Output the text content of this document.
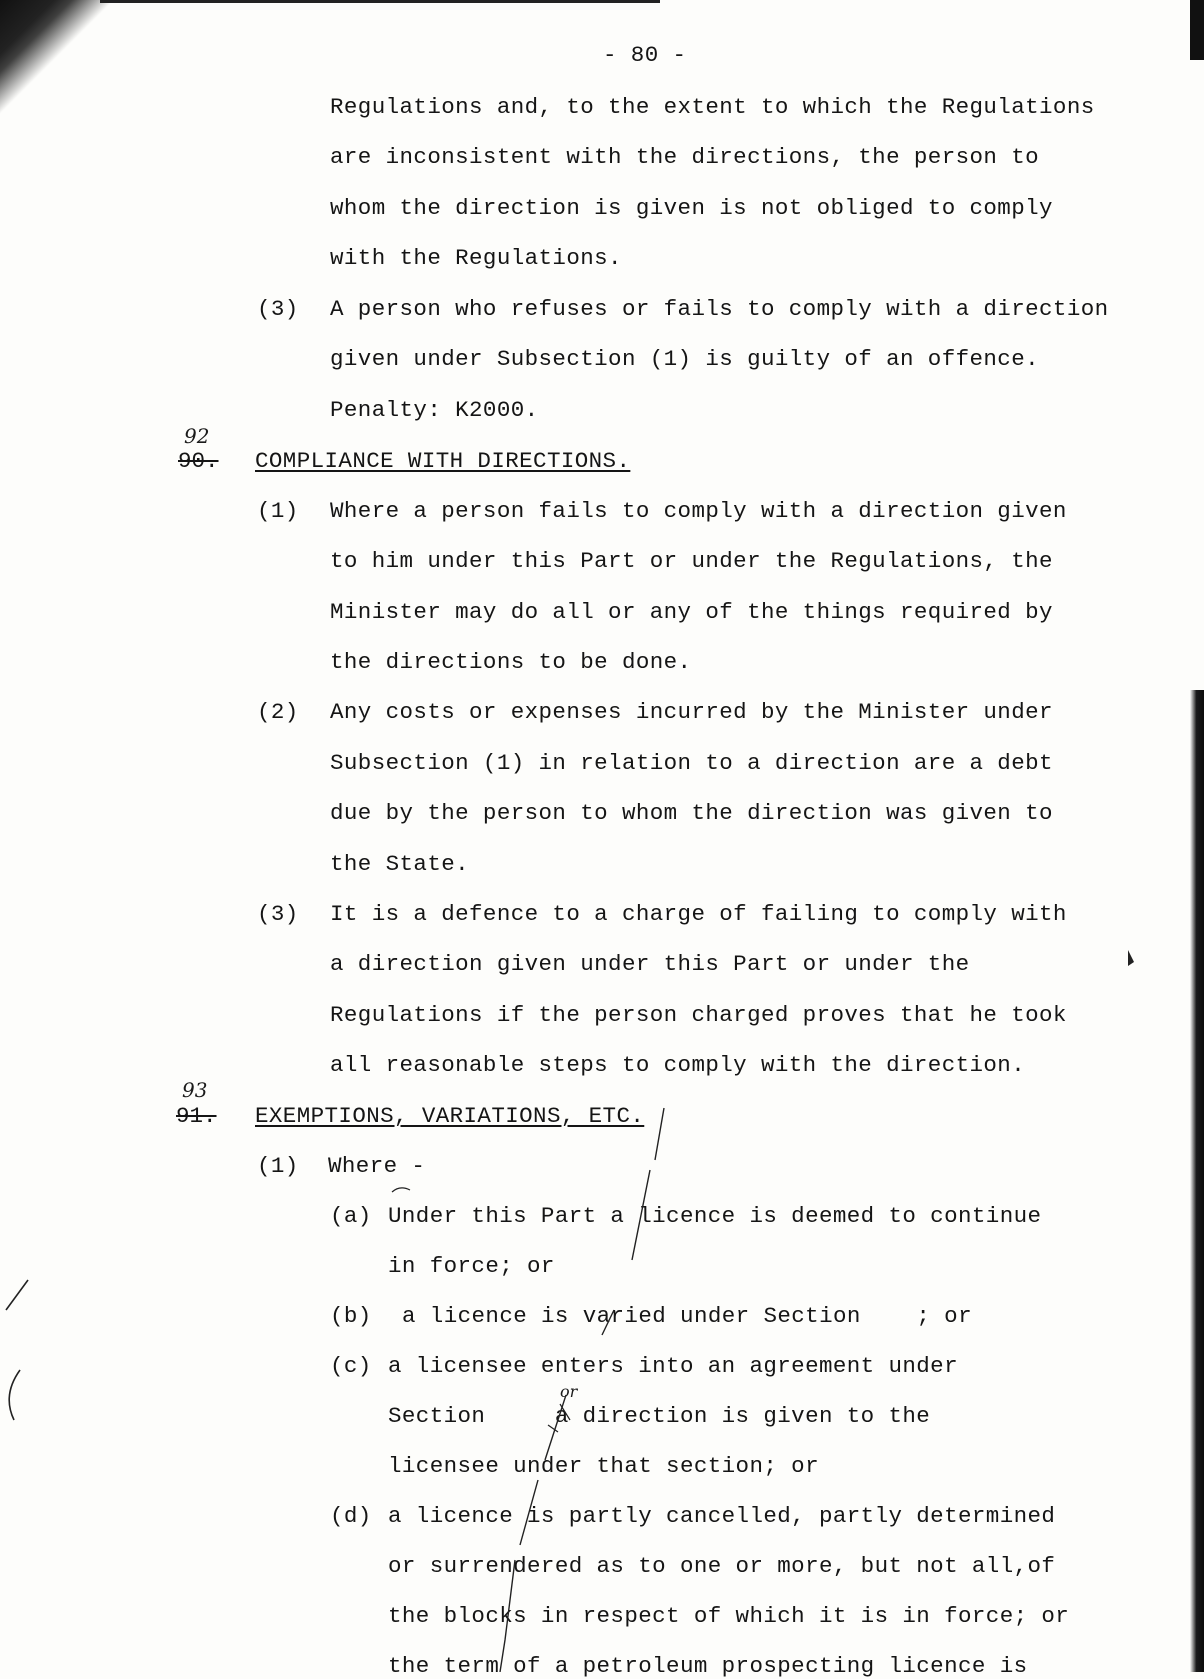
- 80 -
Regulations and, to the extent to which the Regulations
are inconsistent with the directions, the person to
whom the direction is given is not obliged to comply
with the Regulations.
(3) A person who refuses or fails to comply with a direction
given under Subsection (1) is guilty of an offence.
Penalty: K2000.
92
90. COMPLIANCE WITH DIRECTIONS.
(1) Where a person fails to comply with a direction given
to him under this Part or under the Regulations, the
Minister may do all or any of the things required by
the directions to be done.
(2) Any costs or expenses incurred by the Minister under
Subsection (1) in relation to a direction are a debt
due by the person to whom the direction was given to
the State.
(3) It is a defence to a charge of failing to comply with
a direction given under this Part or under the
Regulations if the person charged proves that he took
all reasonable steps to comply with the direction.
93
91. EXEMPTIONS, VARIATIONS, ETC.
(1) Where -
(a) Under this Part a licence is deemed to continue
in force; or
(b) a licence is varied under Section    ; or
(c) a licensee enters into an agreement under
or
Section     a direction is given to the
licensee under that section; or
(d) a licence is partly cancelled, partly determined
or surrendered as to one or more, but not all,of
the blocks in respect of which it is in force; or
the term of a petroleum prospecting licence is
